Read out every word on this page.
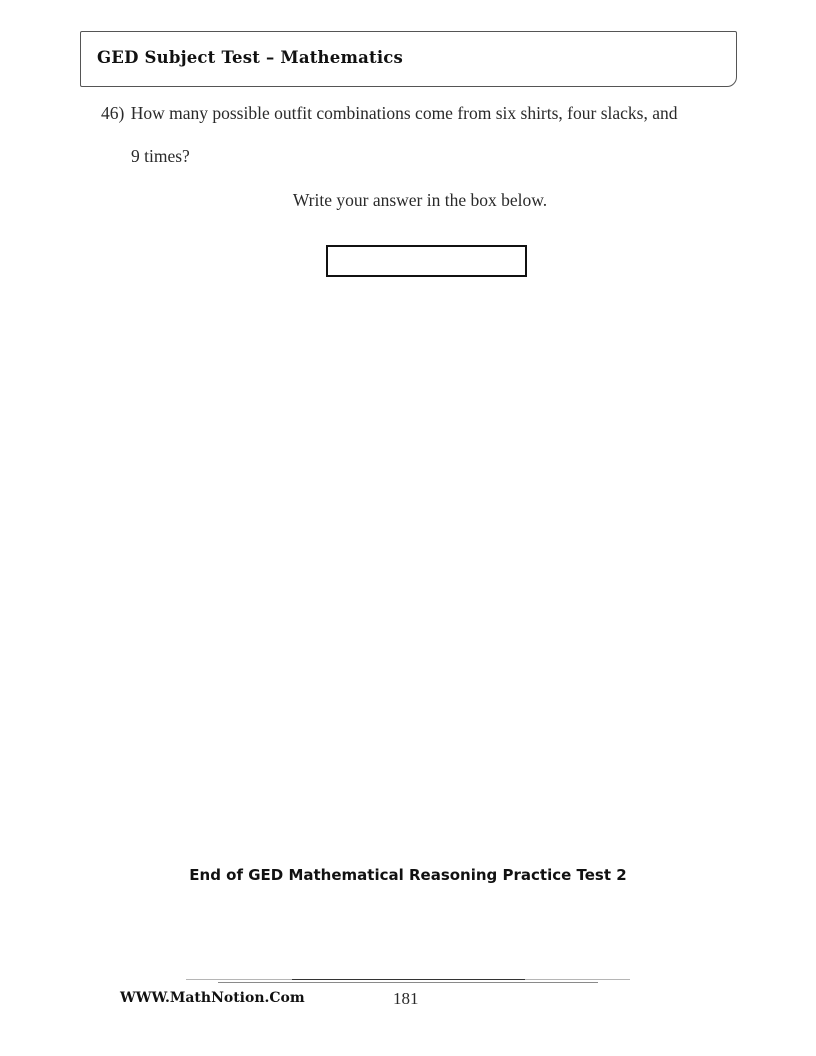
GED Subject Test – Mathematics
46) How many possible outfit combinations come from six shirts, four slacks, and
9 times?
Write your answer in the box below.
End of GED Mathematical Reasoning Practice Test 2
WWW.MathNotion.Com	181
